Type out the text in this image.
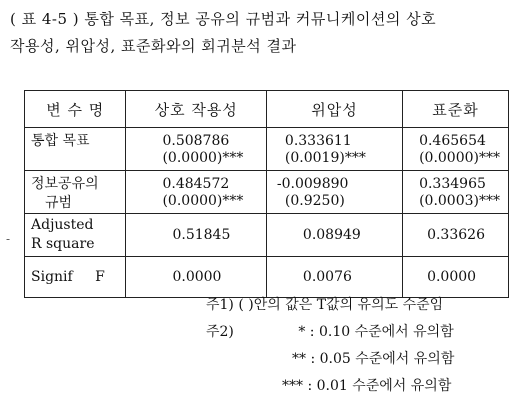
( 표 4-5 ) 통합 목표, 정보 공유의 규범과 커뮤니케이션의 상호
작용성, 위압성, 표준화와의 회귀분석 결과
변 수 명	상호 작용성	위압성	표준화
통합 목표	0.508786	0.333611	0.465654
	(0.0000)***	(0.0019)***	(0.0000)***

정보공유의
규범	0.484572	-0.009890	0.334965
	(0.0000)***	(0.9250)	(0.0003)***

Adjusted
R square	0.51845	0.08949	0.33626
Signif F	0.0000	0.0076	0.0000
-
주1) ( )안의 값은 T값의 유의도 수준임
주2)	* : 0.10 수준에서 유의함
** : 0.05 수준에서 유의함
*** : 0.01 수준에서 유의함
